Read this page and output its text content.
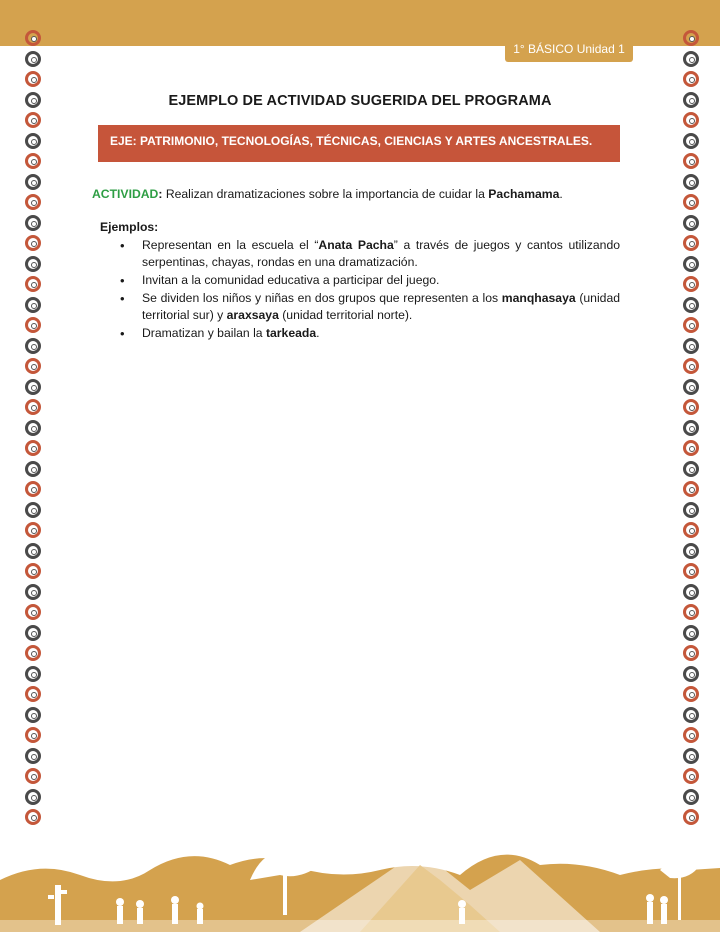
1° BÁSICO Unidad 1
EJEMPLO DE ACTIVIDAD SUGERIDA DEL PROGRAMA
EJE: PATRIMONIO, TECNOLOGÍAS, TÉCNICAS, CIENCIAS Y ARTES ANCESTRALES.
ACTIVIDAD: Realizan dramatizaciones sobre la importancia de cuidar la Pachamama.
Ejemplos:
• Representan en la escuela el “Anata Pacha” a través de juegos y cantos utilizando serpentinas, chayas, rondas en una dramatización.
• Invitan a la comunidad educativa a participar del juego.
• Se dividen los niños y niñas en dos grupos que representen a los manqhasaya (unidad territorial sur) y araxsaya (unidad territorial norte).
• Dramatizan y bailan la tarkeada.
